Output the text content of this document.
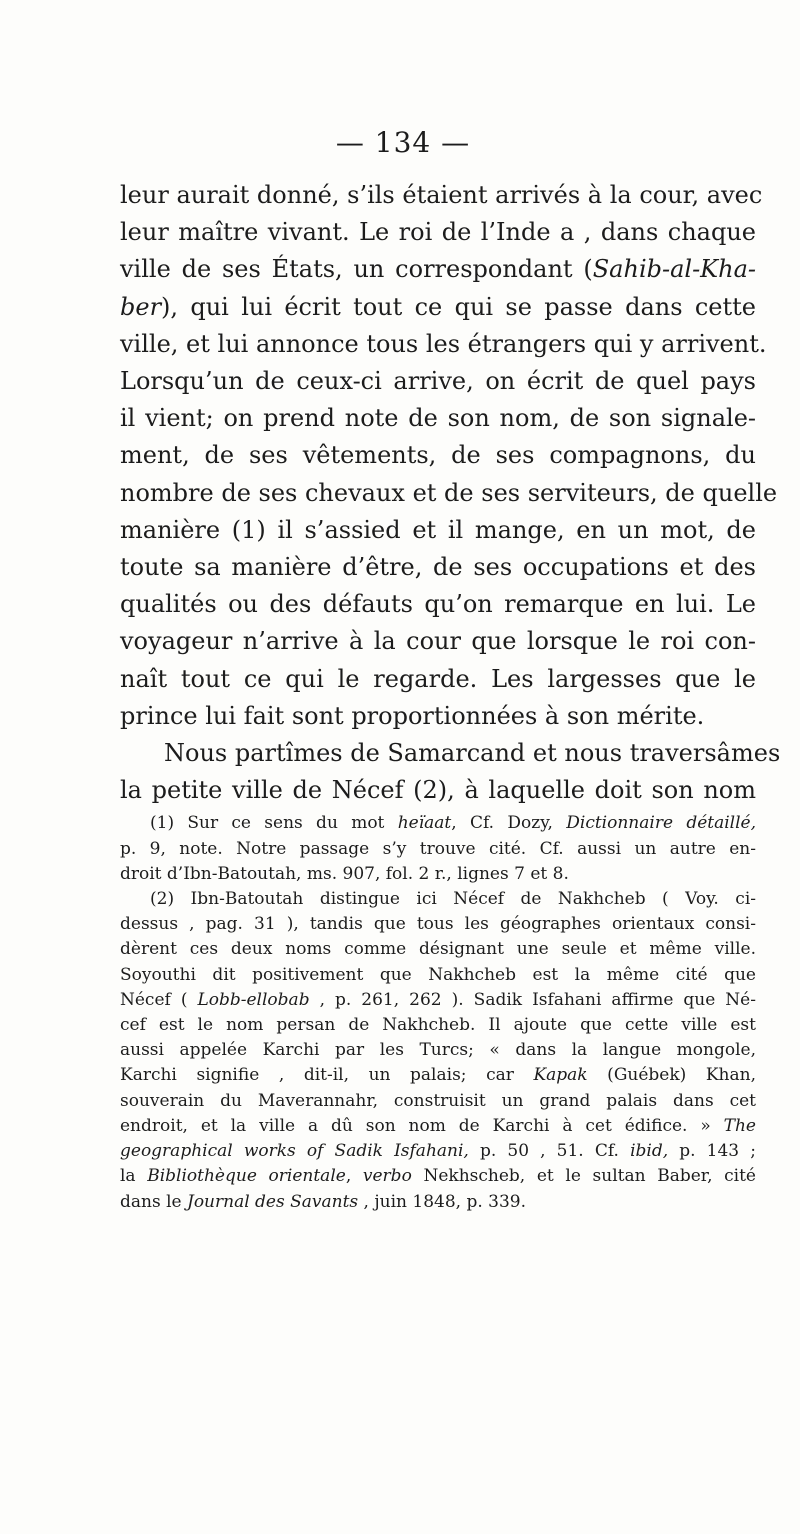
— 134 —
leur aurait donné, s’ils étaient arrivés à la cour, avec
leur maître vivant. Le roi de l’Inde a , dans chaque
ville de ses États, un correspondant (Sahib-al-Kha-
ber), qui lui écrit tout ce qui se passe dans cette
ville, et lui annonce tous les étrangers qui y arrivent.
Lorsqu’un de ceux-ci arrive, on écrit de quel pays
il vient; on prend note de son nom, de son signale-
ment, de ses vêtements, de ses compagnons, du
nombre de ses chevaux et de ses serviteurs, de quelle
manière (1) il s’assied et il mange, en un mot, de
toute sa manière d’être, de ses occupations et des
qualités ou des défauts qu’on remarque en lui. Le
voyageur n’arrive à la cour que lorsque le roi con-
naît tout ce qui le regarde. Les largesses que le
prince lui fait sont proportionnées à son mérite.
Nous partîmes de Samarcand et nous traversâmes
la petite ville de Nécef (2), à laquelle doit son nom
(1) Sur ce sens du mot heïaat, Cf. Dozy, Dictionnaire détaillé,
p. 9, note. Notre passage s’y trouve cité. Cf. aussi un autre en-
droit d’Ibn-Batoutah, ms. 907, fol. 2 r., lignes 7 et 8.
(2) Ibn-Batoutah distingue ici Nécef de Nakhcheb ( Voy. ci-
dessus , pag. 31 ), tandis que tous les géographes orientaux consi-
dèrent ces deux noms comme désignant une seule et même ville.
Soyouthi dit positivement que Nakhcheb est la même cité que
Nécef ( Lobb-ellobab , p. 261, 262 ). Sadik Isfahani affirme que Né-
cef est le nom persan de Nakhcheb. Il ajoute que cette ville est
aussi appelée Karchi par les Turcs; « dans la langue mongole,
Karchi signifie , dit-il, un palais; car Kapak (Guébek) Khan,
souverain du Maverannahr, construisit un grand palais dans cet
endroit, et la ville a dû son nom de Karchi à cet édifice. » The
geographical works of Sadik Isfahani, p. 50 , 51. Cf. ibid, p. 143 ;
la Bibliothèque orientale, verbo Nekhscheb, et le sultan Baber, cité
dans le Journal des Savants , juin 1848, p. 339.
